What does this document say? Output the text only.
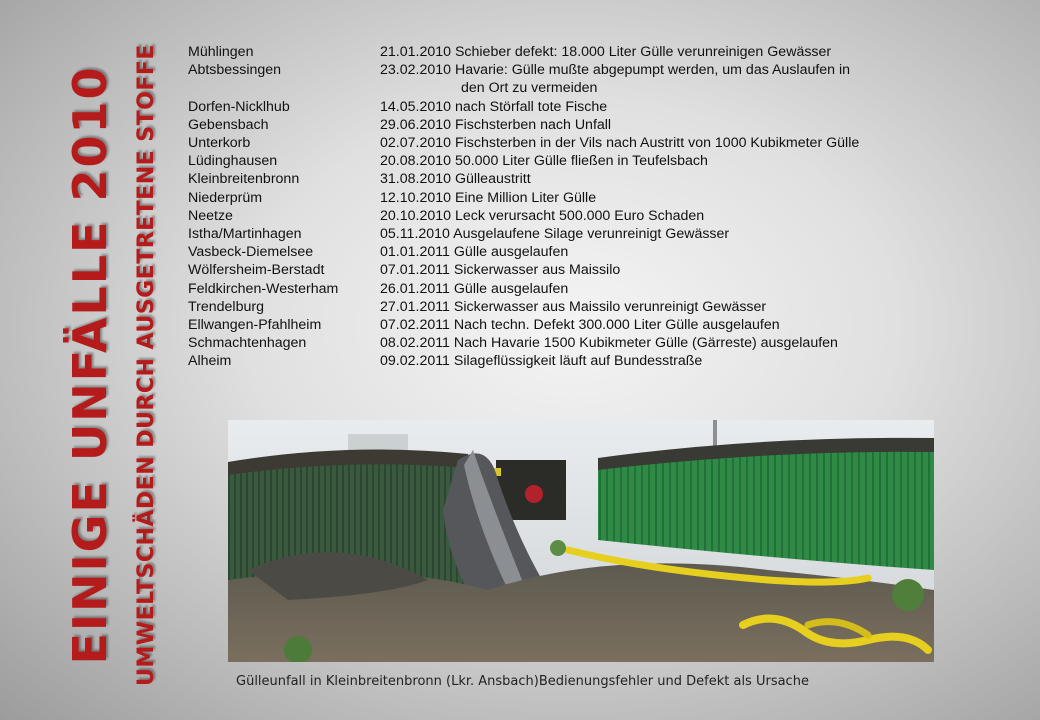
EINIGE UNFÄLLE 2010 UMWELTSCHÄDEN DURCH AUSGETRETENE STOFFE	Mühlingen	21.01.2010 Schieber defekt: 18.000 Liter Gülle verunreinigen Gewässer
Abtsbessingen	23.02.2010 Havarie: Gülle mußte abgepumpt werden, um das Auslaufen in
den Ort zu vermeiden
Dorfen-Nicklhub	14.05.2010 nach Störfall tote Fische
Gebensbach	29.06.2010 Fischsterben nach Unfall
Unterkorb	02.07.2010 Fischsterben in der Vils nach Austritt von 1000 Kubikmeter Gülle
Lüdinghausen	20.08.2010 50.000 Liter Gülle fließen in Teufelsbach
Kleinbreitenbronn	31.08.2010 Gülleaustritt
Niederprüm	12.10.2010 Eine Million Liter Gülle
Neetze	20.10.2010 Leck verursacht 500.000 Euro Schaden
Istha/Martinhagen	05.11.2010 Ausgelaufene Silage verunreinigt Gewässer
Vasbeck-Diemelsee	01.01.2011 Gülle ausgelaufen
Wölfersheim-Berstadt	07.01.2011 Sickerwasser aus Maissilo
Feldkirchen-Westerham	26.01.2011 Gülle ausgelaufen
Trendelburg	27.01.2011 Sickerwasser aus Maissilo verunreinigt Gewässer
Ellwangen-Pfahlheim	07.02.2011 Nach techn. Defekt 300.000 Liter Gülle ausgelaufen
Schmachtenhagen	08.02.2011 Nach Havarie 1500 Kubikmeter Gülle (Gärreste) ausgelaufen
Alheim	09.02.2011 Silageflüssigkeit läuft auf Bundesstraße
Gülleunfall in Kleinbreitenbronn (Lkr. Ansbach)Bedienungsfehler und Defekt als Ursache
